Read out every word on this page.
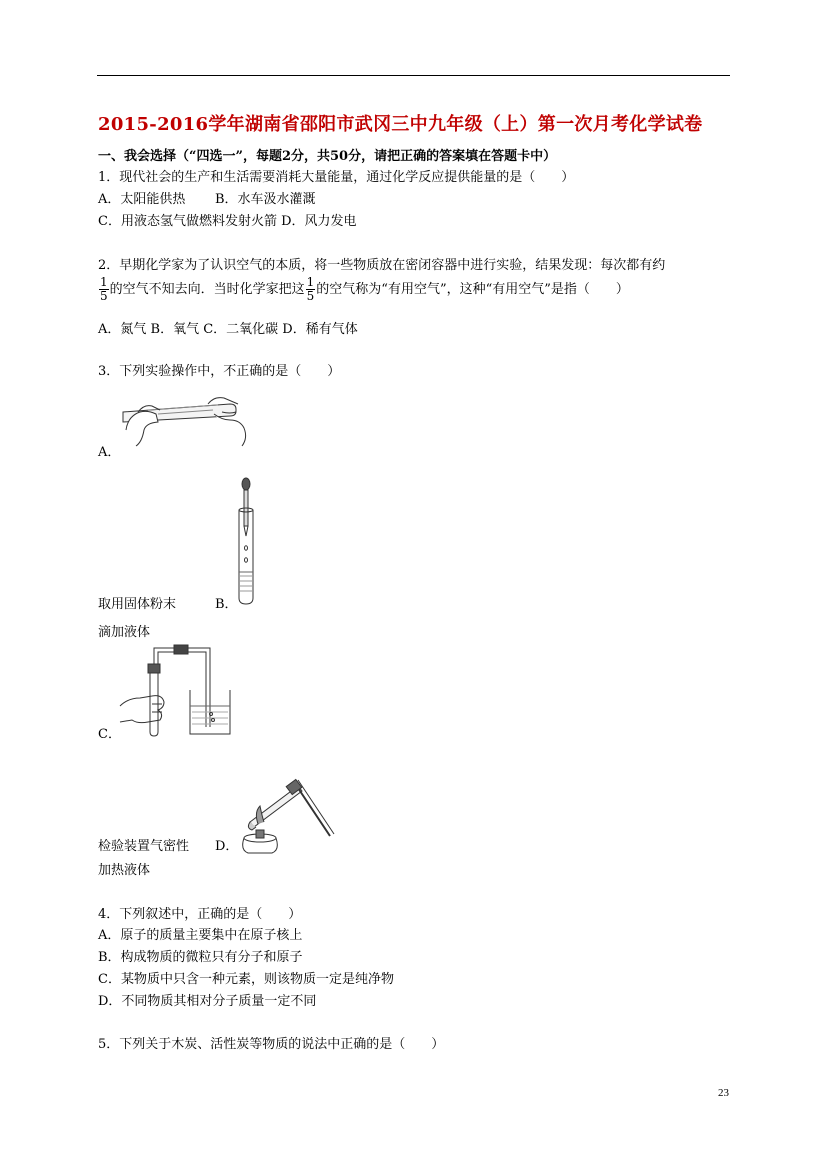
2015-2016学年湖南省邵阳市武冈三中九年级（上）第一次月考化学试卷
一、我会选择（“四选一”，每题2分，共50分，请把正确的答案填在答题卡中）
1．现代社会的生产和生活需要消耗大量能量，通过化学反应提供能量的是（　　）
A．太阳能供热 B．水车汲水灌溉
C．用液态氢气做燃料发射火箭 D．风力发电
2．早期化学家为了认识空气的本质，将一些物质放在密闭容器中进行实验，结果发现：每次都有约
$\frac{1}{5}$ 的空气不知去向．当时化学家把这 $\frac{1}{5}$ 的空气称为“有用空气”，这种“有用空气”是指（　　）
A．氮气 B．氧气 C．二氧化碳 D．稀有气体
3．下列实验操作中，不正确的是（　　）
A．
取用固体粉末	B．
滴加液体
C．
检验装置气密性 D．
加热液体
4．下列叙述中，正确的是（　　）
A．原子的质量主要集中在原子核上
B．构成物质的微粒只有分子和原子
C．某物质中只含一种元素，则该物质一定是纯净物
D．不同物质其相对分子质量一定不同
5．下列关于木炭、活性炭等物质的说法中正确的是（　　）
23
